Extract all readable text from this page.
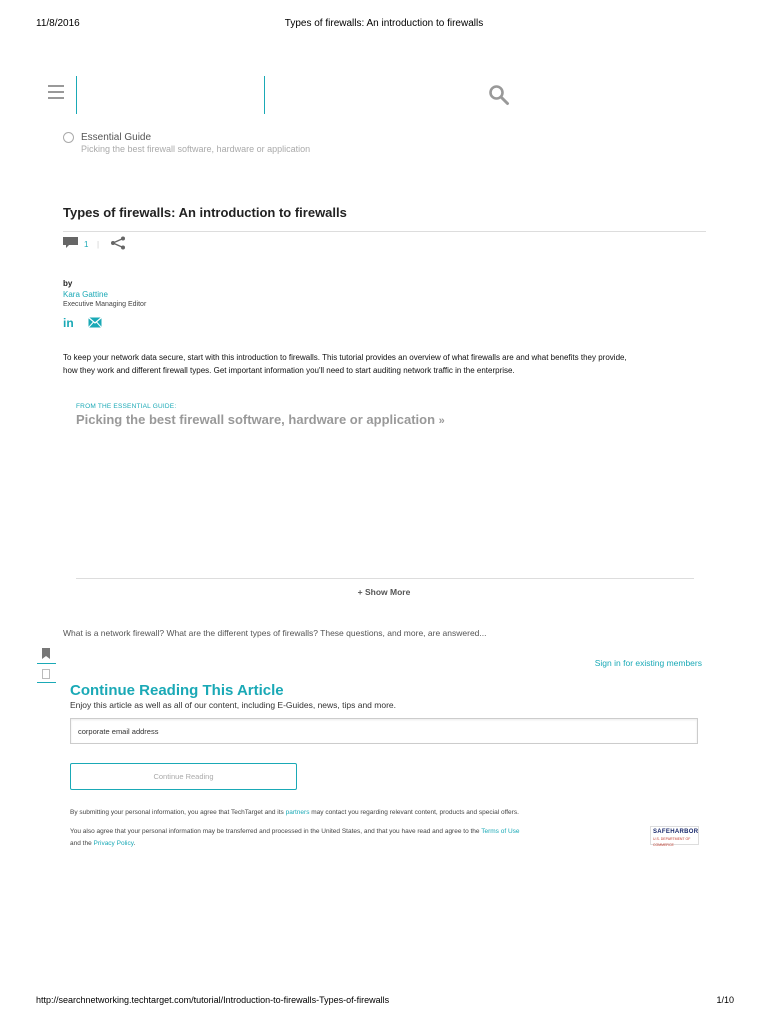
11/8/2016	Types of firewalls: An introduction to firewalls
Essential Guide
Picking the best firewall software, hardware or application
Types of firewalls: An introduction to firewalls
1 |
by
Kara Gattine
Executive Managing Editor
in
To keep your network data secure, start with this introduction to firewalls. This tutorial provides an overview of what firewalls are and what benefits they provide,
how they work and different firewall types. Get important information you'll need to start auditing network traffic in the enterprise.
FROM THE ESSENTIAL GUIDE:
Picking the best firewall software, hardware or application »
+ Show More
What is a network firewall? What are the different types of firewalls? These questions, and more, are answered...
Sign in for existing members
Continue Reading This Article
Enjoy this article as well as all of our content, including E-Guides, news, tips and more.
corporate email address
Continue Reading
By submitting your personal information, you agree that TechTarget and its partners may contact you regarding relevant content, products and special offers.
You also agree that your personal information may be transferred and processed in the United States, and that you have read and agree to the Terms of Use
and the Privacy Policy.
SAFEHARBOR
U.S. DEPARTMENT OF COMMERCE
http://searchnetworking.techtarget.com/tutorial/Introduction-to-firewalls-Types-of-firewalls	1/10
